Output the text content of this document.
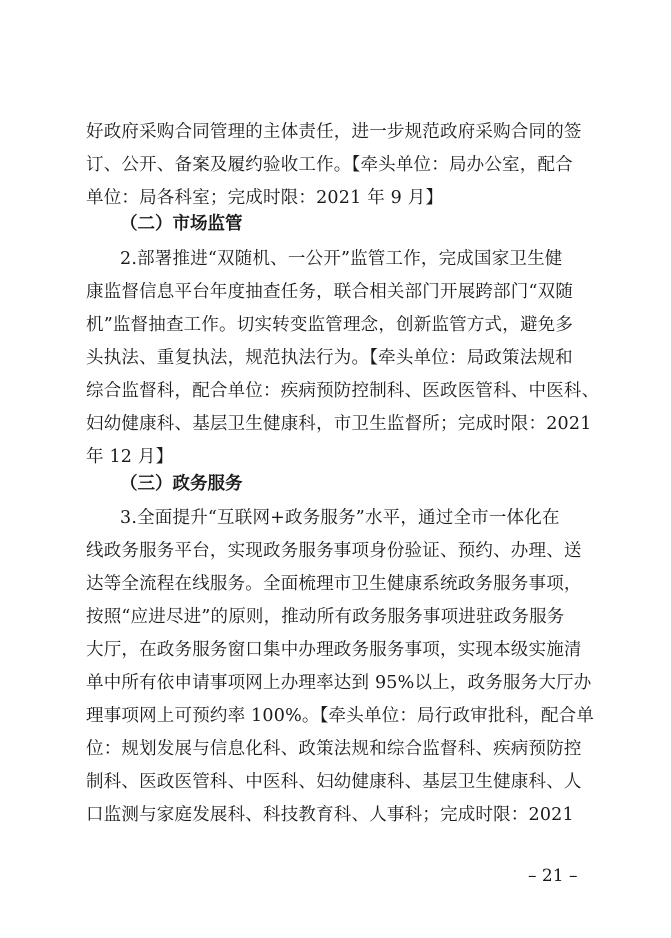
好政府采购合同管理的主体责任，进一步规范政府采购合同的签
订、公开、备案及履约验收工作。【牵头单位：局办公室，配合
单位：局各科室；完成时限：2021 年 9 月】
（二）市场监管
2.部署推进“双随机、一公开”监管工作，完成国家卫生健
康监督信息平台年度抽查任务，联合相关部门开展跨部门“双随
机”监督抽查工作。切实转变监管理念，创新监管方式，避免多
头执法、重复执法，规范执法行为。【牵头单位：局政策法规和
综合监督科，配合单位：疾病预防控制科、医政医管科、中医科、
妇幼健康科、基层卫生健康科，市卫生监督所；完成时限：2021
年 12 月】
（三）政务服务
3.全面提升“互联网+政务服务”水平，通过全市一体化在
线政务服务平台，实现政务服务事项身份验证、预约、办理、送
达等全流程在线服务。全面梳理市卫生健康系统政务服务事项，
按照“应进尽进”的原则，推动所有政务服务事项进驻政务服务
大厅，在政务服务窗口集中办理政务服务事项，实现本级实施清
单中所有依申请事项网上办理率达到 95%以上，政务服务大厅办
理事项网上可预约率 100%。【牵头单位：局行政审批科，配合单
位：规划发展与信息化科、政策法规和综合监督科、疾病预防控
制科、医政医管科、中医科、妇幼健康科、基层卫生健康科、人
口监测与家庭发展科、科技教育科、人事科；完成时限：2021
– 21 –
